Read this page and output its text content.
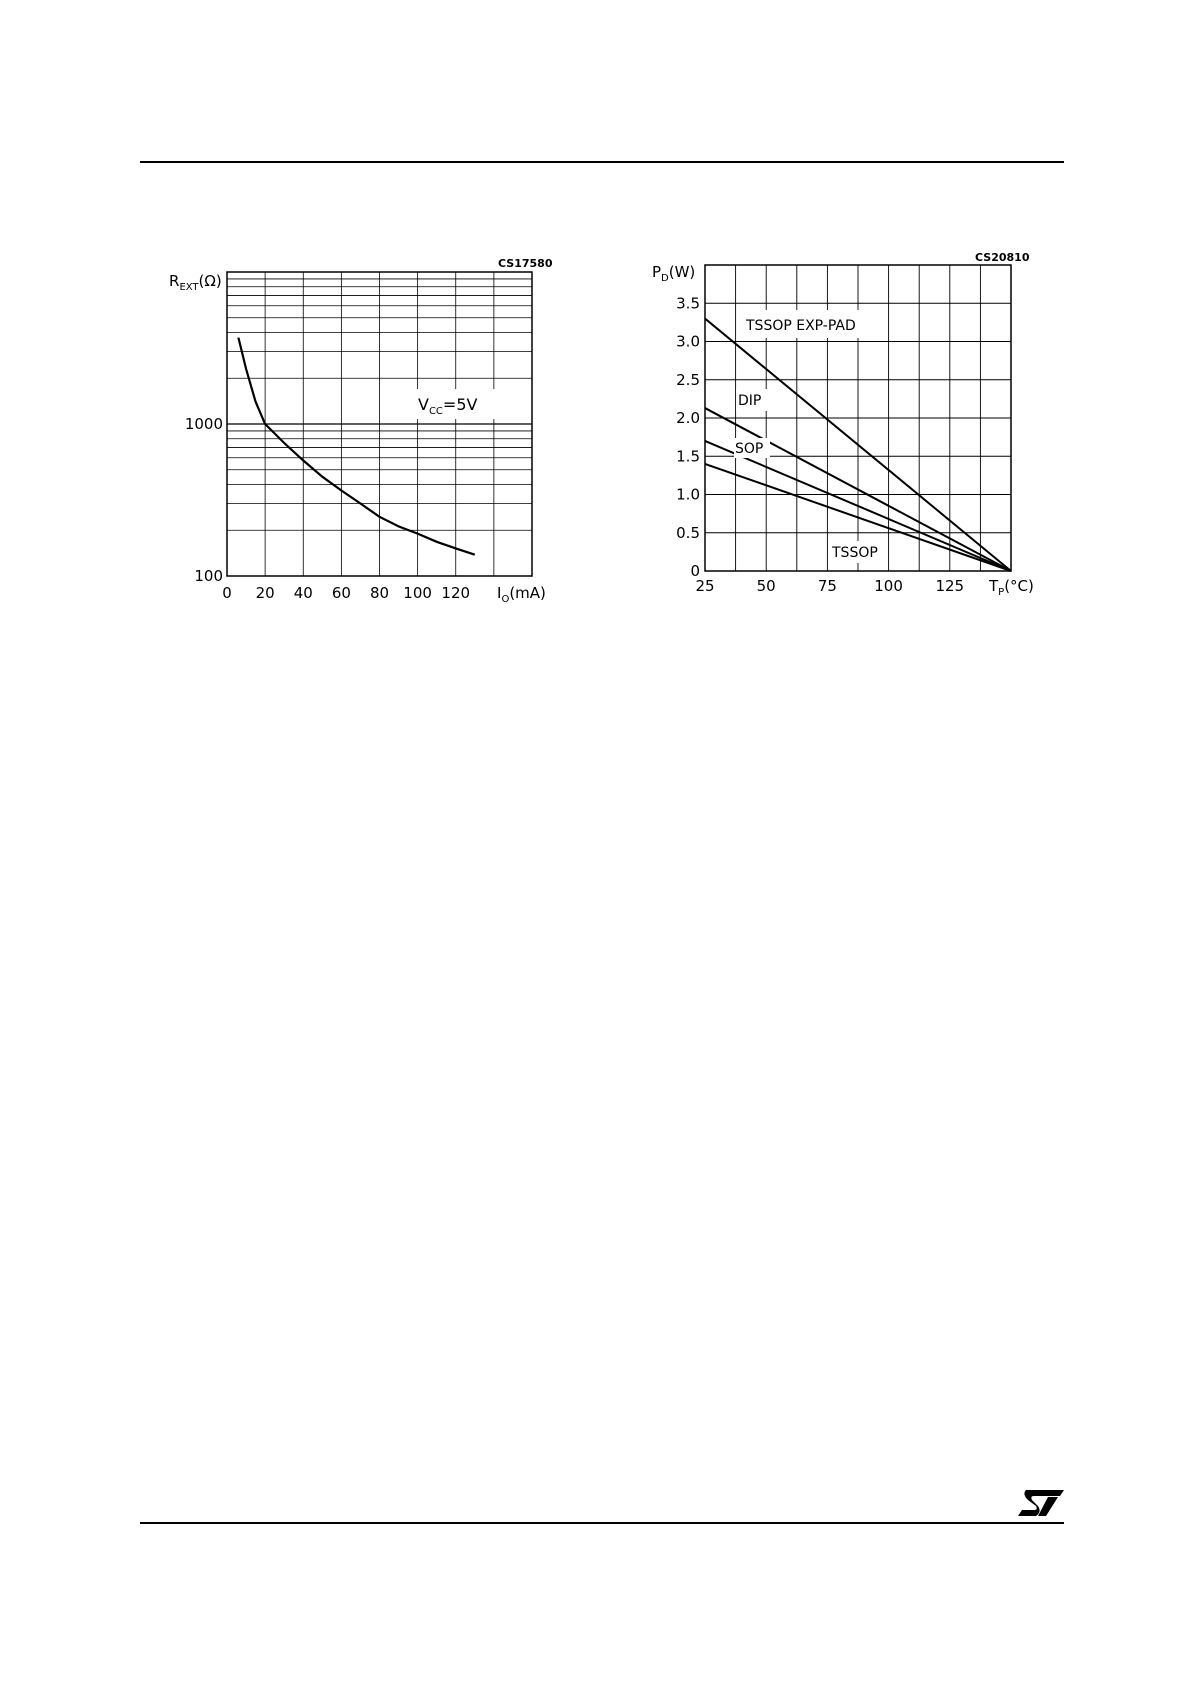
0 20 40 60 80 100 120
1000
100
CS17580
$R_{EXT}(\Omega)$
$I_O(mA)$
$V_{CC}=5V$
25	50	75 100 125
0
0.5
1.0
1.5
2.0
2.5
3.0
3.5
CS20810
$P_D(W)$
$T_P(^\circ C)$
TSSOP EXP-PAD
DIP
SOP
TSSOP
